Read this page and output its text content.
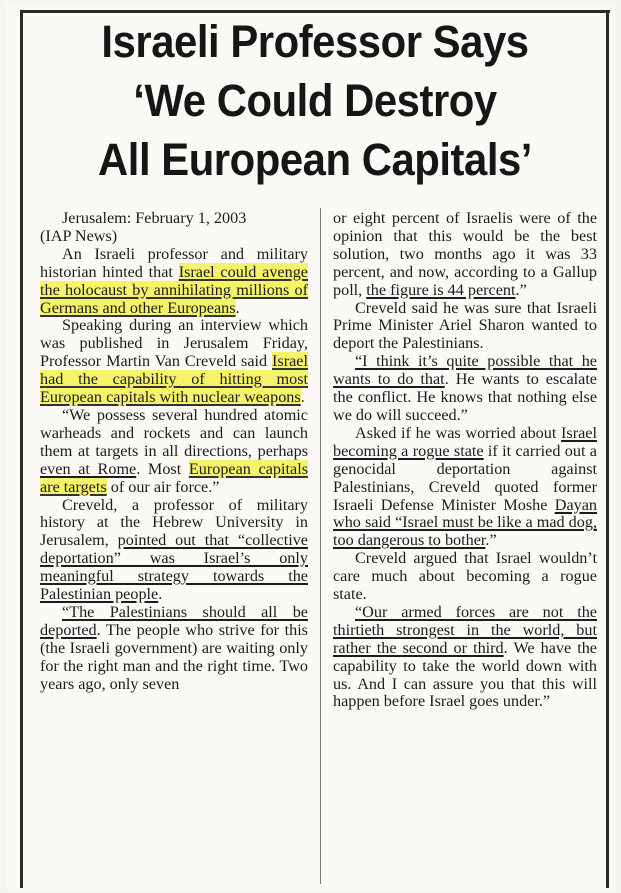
Israeli Professor Says
‘We Could Destroy
All European Capitals’

Jerusalem: February 1, 2003

(IAP News)

An Israeli professor and military historian hinted that Israel could avenge the holocaust by annihilating millions of Germans and other Europeans.

Speaking during an interview which was published in Jerusalem Friday, Professor Martin Van Creveld said Israel had the capability of hitting most European capitals with nuclear weapons.

“We possess several hundred atomic warheads and rockets and can launch them at targets in all directions, perhaps even at Rome. Most European capitals are targets of our air force.”

Creveld, a professor of military history at the Hebrew University in Jerusalem, pointed out that “collective deportation” was Israel’s only meaningful strategy towards the Palestinian people.

“The Palestinians should all be deported. The people who strive for this (the Israeli government) are waiting only for the right man and the right time. Two years ago, only seven

or eight percent of Israelis were of the opinion that this would be the best solution, two months ago it was 33 percent, and now, according to a Gallup poll, the figure is 44 percent.”

Creveld said he was sure that Israeli Prime Minister Ariel Sharon wanted to deport the Palestinians.

“I think it’s quite possible that he wants to do that. He wants to escalate the conflict. He knows that nothing else we do will succeed.”

Asked if he was worried about Israel becoming a rogue state if it carried out a genocidal deportation against Palestinians, Creveld quoted former Israeli Defense Minister Moshe Dayan who said “Israel must be like a mad dog, too dangerous to bother.”

Creveld argued that Israel wouldn’t care much about becoming a rogue state.

“Our armed forces are not the thirtieth strongest in the world, but rather the second or third. We have the capability to take the world down with us. And I can assure you that this will happen before Israel goes under.”
